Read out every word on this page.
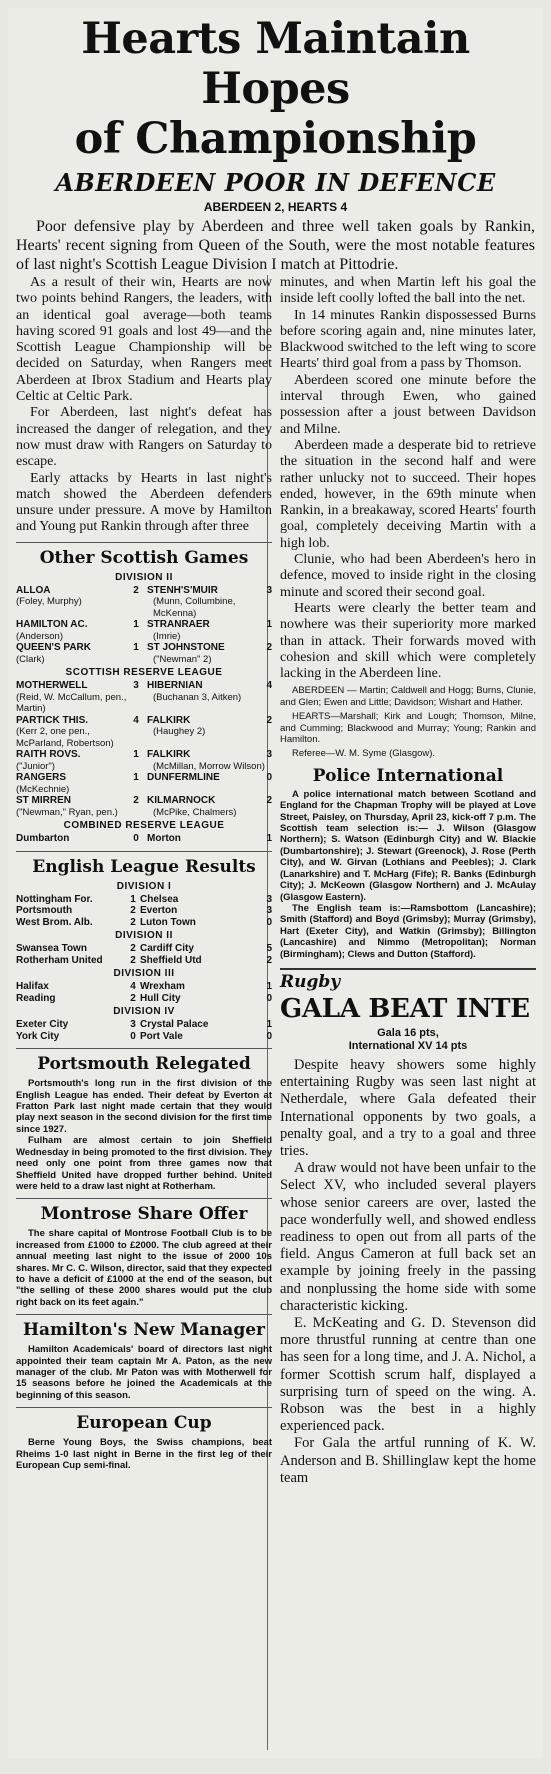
Hearts Maintain Hopes
of Championship
ABERDEEN POOR IN DEFENCE
ABERDEEN 2, HEARTS 4

Poor defensive play by Aberdeen and three well taken goals by Rankin, Hearts' recent signing from Queen of the South, were the most notable features of last night's Scottish League Division I match at Pittodrie.

As a result of their win, Hearts are now two points behind Rangers, the leaders, with an identical goal average—both teams having scored 91 goals and lost 49—and the Scottish League Championship will be decided on Saturday, when Rangers meet Aberdeen at Ibrox Stadium and Hearts play Celtic at Celtic Park.

For Aberdeen, last night's defeat has increased the danger of relegation, and they now must draw with Rangers on Saturday to escape.

Early attacks by Hearts in last night's match showed the Aberdeen defenders unsure under pressure. A move by Hamilton and Young put Rankin through after three

Other Scottish Games
DIVISION II
ALLOA	2 STENH'S'MUIR	3
(Foley, Murphy)	(Munn, Collumbine, McKenna)
HAMILTON AC.	1 STRANRAER	1
(Anderson)	(Imrie)
QUEEN'S PARK	1 ST JOHNSTONE	2
(Clark)	("Newman" 2)
SCOTTISH RESERVE LEAGUE
MOTHERWELL	3 HIBERNIAN	4
(Reid, W. McCallum, pen., Martin)
(Buchanan 3, Aitken)
PARTICK THIS.	4 FALKIRK	2
(Kerr 2, one pen., McParland, Robertson)
(Haughey 2)
RAITH ROVS.	1 FALKIRK	3
("Junior")	(McMillan, Morrow Wilson)
RANGERS	1 DUNFERMLINE	0
(McKechnie)
ST MIRREN	2 KILMARNOCK	2
("Newman," Ryan, pen.)	(McPike, Chalmers)
COMBINED RESERVE LEAGUE
Dumbarton	0 Morton	1
English League Results
DIVISION I
Nottingham For.	1 Chelsea	3
Portsmouth	2 Everton	3
West Brom. Alb.	2 Luton Town	0
DIVISION II
Swansea Town	2 Cardiff City	5
Rotherham United	2 Sheffield Utd	2
DIVISION III
Halifax	4 Wrexham	1
Reading	2 Hull City	0
DIVISION IV
Exeter City	3 Crystal Palace	1
York City	0 Port Vale	0
Portsmouth Relegated

Portsmouth's long run in the first division of the English League has ended. Their defeat by Everton at Fratton Park last night made certain that they would play next season in the second division for the first time since 1927.

Fulham are almost certain to join Sheffield Wednesday in being promoted to the first division. They need only one point from three games now that Sheffield United have dropped further behind. United were held to a draw last night at Rotherham.

Montrose Share Offer

The share capital of Montrose Football Club is to be increased from £1000 to £2000. The club agreed at their annual meeting last night to the issue of 2000 10s shares. Mr C. C. Wilson, director, said that they expected to have a deficit of £1000 at the end of the season, but "the selling of these 2000 shares would put the club right back on its feet again."

Hamilton's New Manager

Hamilton Academicals' board of directors last night appointed their team captain Mr A. Paton, as the new manager of the club. Mr Paton was with Motherwell for 15 seasons before he joined the Academicals at the beginning of this season.

European Cup

Berne Young Boys, the Swiss champions, beat Rheims 1-0 last night in Berne in the first leg of their European Cup semi-final.

minutes, and when Martin left his goal the inside left coolly lofted the ball into the net.

In 14 minutes Rankin dispossessed Burns before scoring again and, nine minutes later, Blackwood switched to the left wing to score Hearts' third goal from a pass by Thomson.

Aberdeen scored one minute before the interval through Ewen, who gained possession after a joust between Davidson and Milne.

Aberdeen made a desperate bid to retrieve the situation in the second half and were rather unlucky not to succeed. Their hopes ended, however, in the 69th minute when Rankin, in a breakaway, scored Hearts' fourth goal, completely deceiving Martin with a high lob.

Clunie, who had been Aberdeen's hero in defence, moved to inside right in the closing minute and scored their second goal.

Hearts were clearly the better team and nowhere was their superiority more marked than in attack. Their forwards moved with cohesion and skill which were completely lacking in the Aberdeen line.

ABERDEEN — Martin; Caldwell and Hogg; Burns, Clunie, and Glen; Ewen and Little; Davidson; Wishart and Hather.

HEARTS—Marshall; Kirk and Lough; Thomson, Milne, and Cumming; Blackwood and Murray; Young; Rankin and Hamilton.

Referee—W. M. Syme (Glasgow).

Police International

A police international match between Scotland and England for the Chapman Trophy will be played at Love Street, Paisley, on Thursday, April 23, kick-off 7 p.m. The Scottish team selection is:— J. Wilson (Glasgow Northern); S. Watson (Edinburgh City) and W. Blackie (Dumbartonshire); J. Stewart (Greenock), J. Rose (Perth City), and W. Girvan (Lothians and Peebles); J. Clark (Lanarkshire) and T. McHarg (Fife); R. Banks (Edinburgh City); J. McKeown (Glasgow Northern) and J. McAulay (Glasgow Eastern).

The English team is:—Ramsbottom (Lancashire); Smith (Stafford) and Boyd (Grimsby); Murray (Grimsby), Hart (Exeter City), and Watkin (Grimsby); Billington (Lancashire) and Nimmo (Metropolitan); Norman (Birmingham); Clews and Dutton (Stafford).

Rugby
GALA BEAT INTE
Gala 16 pts,
International XV 14 pts

Despite heavy showers some highly entertaining Rugby was seen last night at Netherdale, where Gala defeated their International opponents by two goals, a penalty goal, and a try to a goal and three tries.

A draw would not have been unfair to the Select XV, who included several players whose senior careers are over, lasted the pace wonderfully well, and showed endless readiness to open out from all parts of the field. Angus Cameron at full back set an example by joining freely in the passing and nonplussing the home side with some characteristic kicking.

E. McKeating and G. D. Stevenson did more thrustful running at centre than one has seen for a long time, and J. A. Nichol, a former Scottish scrum half, displayed a surprising turn of speed on the wing. A. Robson was the best in a highly experienced pack.

For Gala the artful running of K. W. Anderson and B. Shillinglaw kept the home team
